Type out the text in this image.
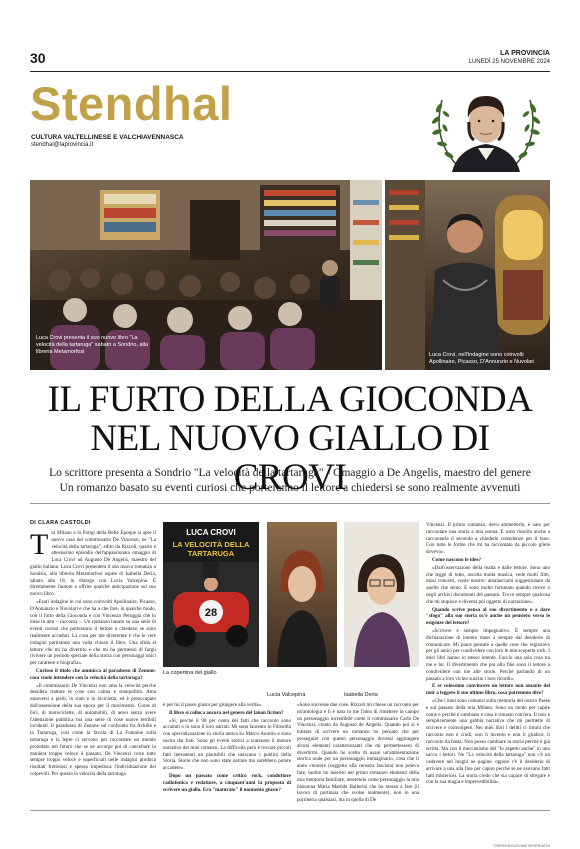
30	LA PROVINCIA
LUNEDÌ 25 NOVEMBRE 2024
Stendhal
CULTURA VALTELLINESE E VALCHIAVENNASCA
stendhal@laprovincia.it
Luca Crovi presenta il suo nuovo libro "La velocità della tartaruga" sabato a Sondrio, alla libreria Metamorfosi	Luca Crovi, nell'indagine sono coinvolti Apollinaire, Picasso, D'Annunzio e Nuvolari
IL FURTO DELLA GIOCONDA
NEL NUOVO GIALLO DI CROVI
Lo scrittore presenta a Sondrio "La velocità della tartaruga" - Omaggio a De Angelis, maestro del genere
Un romanzo basato su eventi curiosi che porteranno il lettore a chiedersi se sono realmente avvenuti
DI CLARA CASTOLDI
T ra Milano e la Parigi della Belle Époque si apre il nuovo caso del commissario De Vincenzi, ne "La velocità della tartaruga", edito da Rizzoli, quarto e attesissimo episodio dell'appassionato omaggio di Luca Crovi ad Augusto De Angelis, maestro del giallo italiano. Luca Crovi presenterà il suo nuovo romanzo a Sondrio, alla libreria Metamorfosi ospite di Isabella Deria, sabato alle 18, in dialogo con Lucia Valcepina. È direttamente l'autore a offrire qualche anticipazione sul suo nuovo libro.

«Esarì indagine in cui sono coinvolti Apollinaire, Picasso, D'Annunzio e Nuvolari e che ha a che fare, in qualche modo, con il furto della Gioconda e con Vincenzo Peruggia che lo mise in atto – racconta –. Un romanzo basato su una serie di eventi curiosi che porteranno il lettore a chiedersi se sono realmente accaduti. La cosa per me divertente è che le vere indagini partiranno una volta chiuso il libro. Una sfida al lettore che mi ha divertito e che mi ha permesso di fargli rivivere un periodo speciale della storia con personaggi unici per carattere e biografia».

Curioso il titolo che ammicca al paradosso di Zenone: cosa vuole intendere con la velocità della tartaruga?

«Il commissario De Vincenzi non ama la velocità perché desidera trattare le cose con calma e tranquillità. Ama muoversi a piedi, in tram e in bicicletta, ed è preoccupato dall'ossessione della sua epoca per il movimento. Corse di bici, di motociclette, di automobili, di aerei senza avere l'attenzione pubblica ma una serie di cose nuove terribili incidenti. Il paradosso di Zenone sul confronto fra Achille e la Tartaruga, così come la favola di La Fontaine sulla tartaruga e la lepre ci servono per raccontare un mondo proiettato nel futuro che se ne accorge poi di cancellare in maniera troppo veloce il passato. De Vincenzi corre tutto sempre troppo veloce e superficiali nelle indagini produca risultati frettolosi e spesso impedisca l'individuazione dei colpevoli. Per questo la velocità della tartaruga

LUCA CROVI
LA VELOCITÀ DELLA TARTARUGA
28
La copertina del giallo
Lucia Valcepina	Isabella Deria

è per lui il passo giusto per giungere alla verità».

Il libro si colloca ancora nel genere del lanon fiction?

«Sì, perché il 90 per cento dei fatti che racconto sono accaduti o lo sono il loro narrati. Mi sono laureato in Filosofia con specializzazione in storia antica su Marco Aurelio e sono uscito dai fiati. Sono gli eventi storici a scatenare il motore narrativo dei miei romanzi. La difficoltà però è trovare piccoli fatti inesistenti un plausibili che uniscano i puntini della Storia. Storie che non sono state narrate ma sarebbero potute accadere».

Dopo un passato come critico rock, conduttore radiofonico e redattore, a cinquant'anni la proposta di scrivere un giallo. Era "maturato" il momento giusto?

«Sono successe due cose. Rizzoli mi chiese un racconto per un'antologia e lì è nata in me l'idea di rimettere in campo un personaggio incredibile come il commissario Carlo De Vincenzi, creato da Augusto de Angelis. Quando poi si è trattato di scrivere un romanzo ho pensato che per proseguire con questo personaggio dovessi aggiungere alcuni elementi caratterizzanti che mi permettessero di divertirmi. Quando ho scelto di usare un'ambientazione storica reale per un personaggio immaginario, cosa che li aiuto crearore (soggetto alla censura fascista) non poteva fare, inoltre ho inserito nel primo romanzo elementi della mia memoria familiare, inserendo come personaggio la mia bisnonna Maria Matilde Ballerini che ho messo a fare (il lavoro di portinaia che svolse realmente), non in una portineria qualsiasi, ma in quella di De

Vincenzi. Il primo romanzo, devo ammetterlo, è nato per raccontare una storia a mia nonna. E sono riuscito anche a raccontarle il secondo a chiederle consulenze per il tono. Con tutte le forme che mi ha raccontato da piccolo gliele dovevo».

Come nascono le idee?

«Dall'osservazione della realtà e dalle letture. Sono uno che legge di tutto, ascolta molta musica, vede molti film, musi concerti, vuole mostre: amalasciami suggestionare da quello che sento. E sono molto fortunato quando riceve o negli archivi documenti del passato. Trovo sempre qualcosa che mi stupisce e diventa poi oggetto di narrazione».

Quando scrive pensa al suo divertimento o a dare "sfogo" alla suo storia oc'è anche un pensiero verso le esigenze del lettore?

«Scrivere è sempre impegnativo. È sempre una dichiarazione di intento mass a sempre dal desiderio di comunicare. Mi piace pensare a quelle cose che registravo per gli amici per condividere con loro le mie scoperte rock. I miei libri hanno lo stesso intento. Faccio una sola cosa tra me e lui. Il divertimento che poi alla fine sono il lettore a condividere con me alle storie. Perché parlando di un passato a loro vicino suscito i loro ricordi».

E se volessimo convincere un lettore non amante del noir a leggere il suo ultimo libro, cosa potremmo dire?

«Che i miei sono romanzi sulla memoria del nostro Paese e sul passato della mia Milano. Sono un modo per capire come e perché è cambiato e cosa è rimasto com'era. Il noir è semplicemente una gabbia narrativa che mi permette di scrivere e coinvolgere. Nei miei libri i delitti ci rimini che racconto non è crudi, non li invento e non li giudico, li racconto da basta. Non posso cambiare la storia perché è già scritta. Ma con il meccanismo del "lo aspetto anche" in uno sacco i lettori. Ne "La velocità della tartaruga" non c'è un cadavere nei luoghi ne pagine, oppure c'è il desiderio di arrivare a una alla fine per capire perché se ne avevano fatti fatti misteriosi. La storia credo che sia capace di stregare e con la sua magia e imprevedibilità».

©RIPRODUZIONE RISERVATA
